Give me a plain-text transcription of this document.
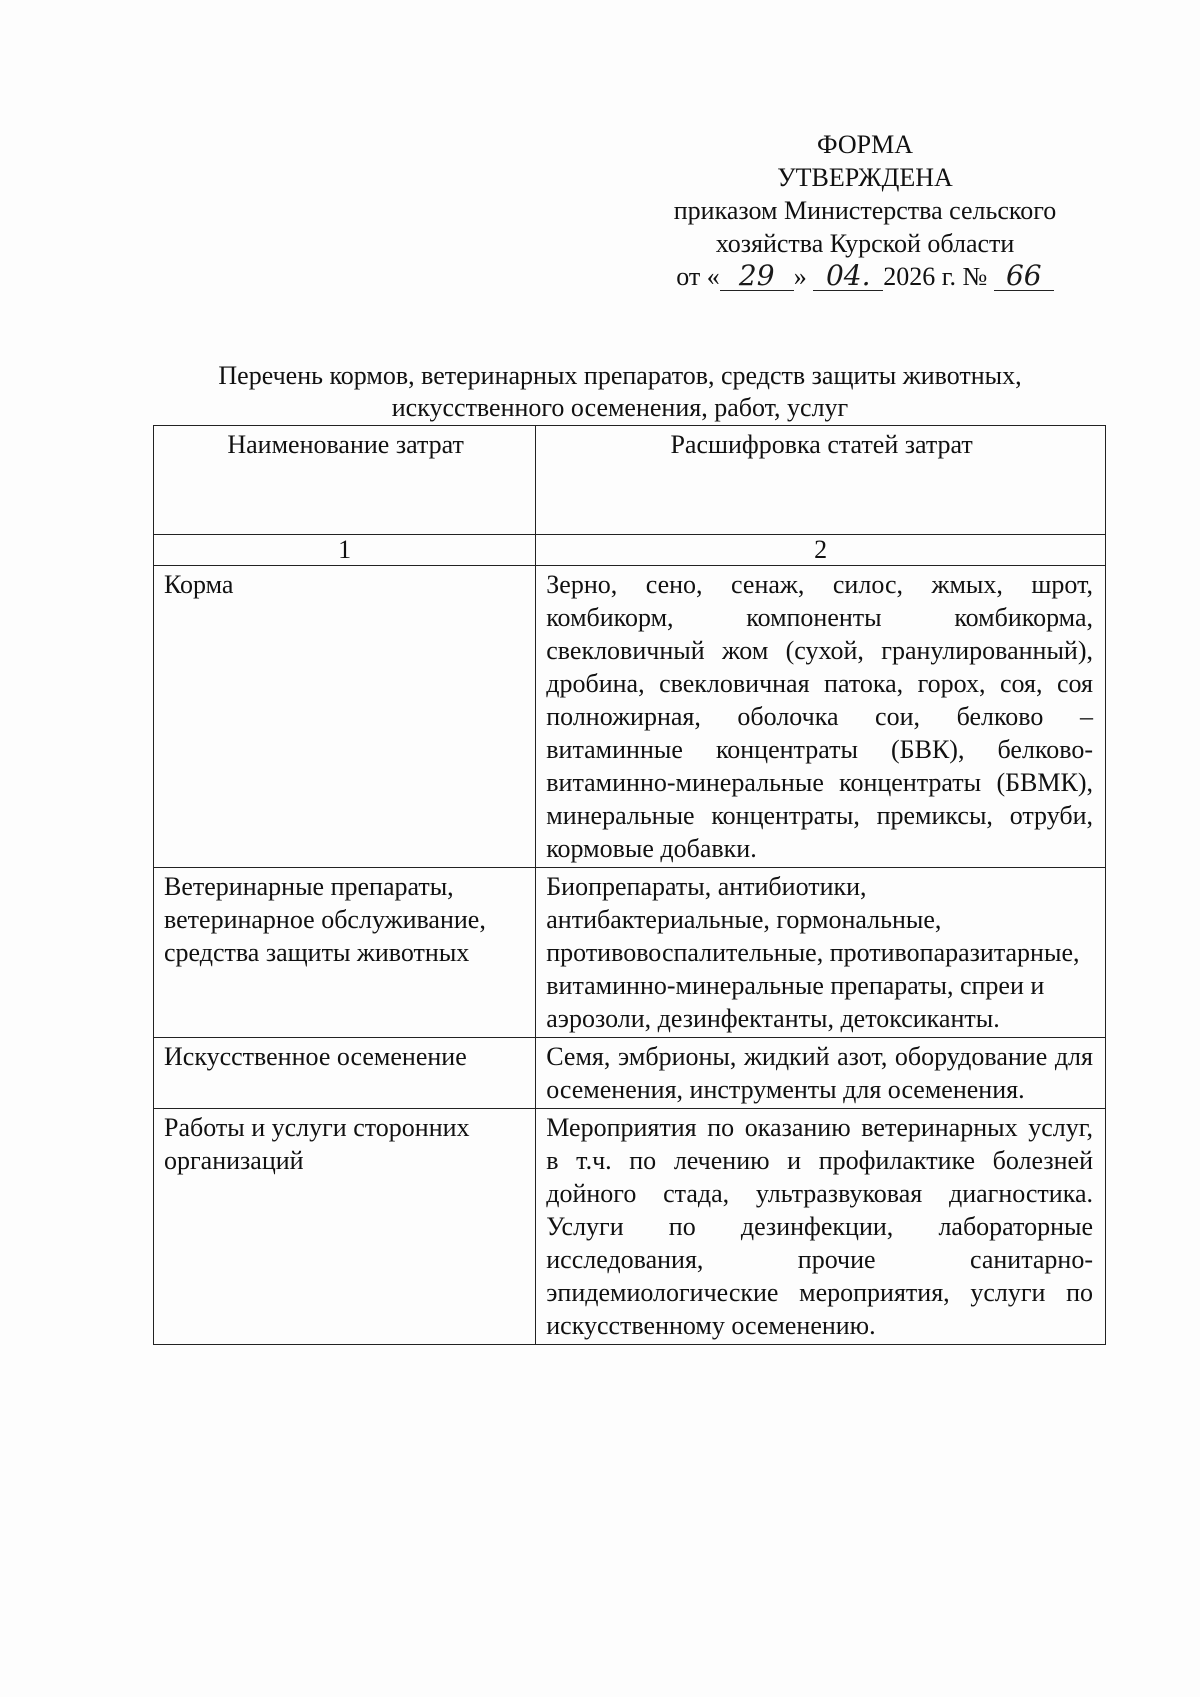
ФОРМА
УТВЕРЖДЕНА
приказом Министерства сельского
хозяйства Курской области
от « 29 » 04. 2026 г. № 66
Перечень кормов, ветеринарных препаратов, средств защиты животных,
искусственного осеменения, работ, услуг
Наименование затрат	Расшифровка статей затрат
1	2
Корма	Зерно, сено, сенаж, силос, жмых, шрот, комбикорм, компоненты комбикорма, свекловичный жом (сухой, гранулированный), дробина, свекловичная патока, горох, соя, соя полножирная, оболочка сои, белково – витаминные концентраты (БВК), белково-витаминно-минеральные концентраты (БВМК), минеральные концентраты, премиксы, отруби, кормовые добавки.
Ветеринарные препараты, ветеринарное обслуживание, средства защиты животных	Биопрепараты, антибиотики, антибактериальные, гормональные, противовоспалительные, противопаразитарные, витаминно-минеральные препараты, спреи и аэрозоли, дезинфектанты, детоксиканты.
Искусственное осеменение	Семя, эмбрионы, жидкий азот, оборудование для осеменения, инструменты для осеменения.
Работы и услуги сторонних организаций	Мероприятия по оказанию ветеринарных услуг, в т.ч. по лечению и профилактике болезней дойного стада, ультразвуковая диагностика. Услуги по дезинфекции, лабораторные исследования, прочие санитарно-эпидемиологические мероприятия, услуги по искусственному осеменению.
